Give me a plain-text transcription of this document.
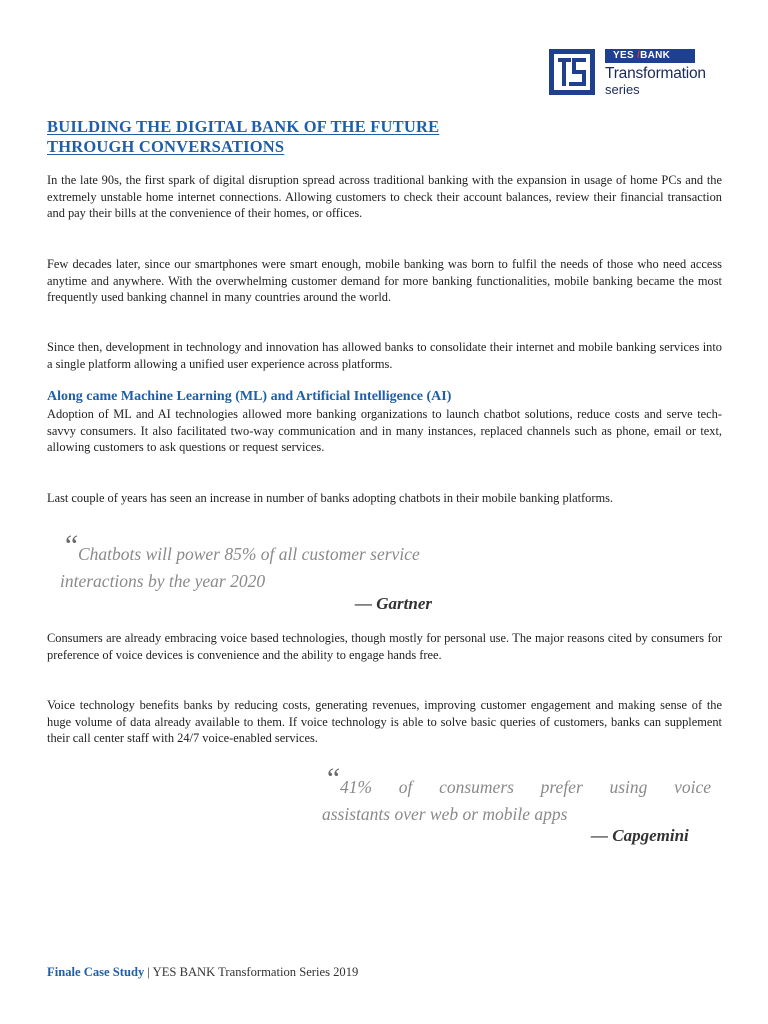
YES /BANK
Transformation
series
BUILDING THE DIGITAL BANK OF THE FUTURE
THROUGH CONVERSATIONS

In the late 90s, the first spark of digital disruption spread across traditional banking with the expansion in usage of home PCs and the extremely unstable home internet connections. Allowing customers to check their account balances, review their financial transaction and pay their bills at the convenience of their homes, or offices.

Few decades later, since our smartphones were smart enough, mobile banking was born to fulfil the needs of those who need access anytime and anywhere. With the overwhelming customer demand for more banking functionalities, mobile banking became the most frequently used banking channel in many countries around the world.

Since then, development in technology and innovation has allowed banks to consolidate their internet and mobile banking services into a single platform allowing a unified user experience across platforms.

Along came Machine Learning (ML) and Artificial Intelligence (AI)

Adoption of ML and AI technologies allowed more banking organizations to launch chatbot solutions, reduce costs and serve tech-savvy consumers. It also facilitated two-way communication and in many instances, replaced channels such as phone, email or text, allowing customers to ask questions or request services.

Last couple of years has seen an increase in number of banks adopting chatbots in their mobile banking platforms.

“ Chatbots will power 85% of all customer service
interactions by the year 2020
— Gartner

Consumers are already embracing voice based technologies, though mostly for personal use. The major reasons cited by consumers for preference of voice devices is convenience and the ability to engage hands free.

Voice technology benefits banks by reducing costs, generating revenues, improving customer engagement and making sense of the huge volume of data already available to them. If voice technology is able to solve basic queries of customers, banks can supplement their call center staff with 24/7 voice-enabled services.

“ 41% of consumers prefer using voice
assistants over web or mobile apps
— Capgemini
Finale Case Study | YES BANK Transformation Series 2019
